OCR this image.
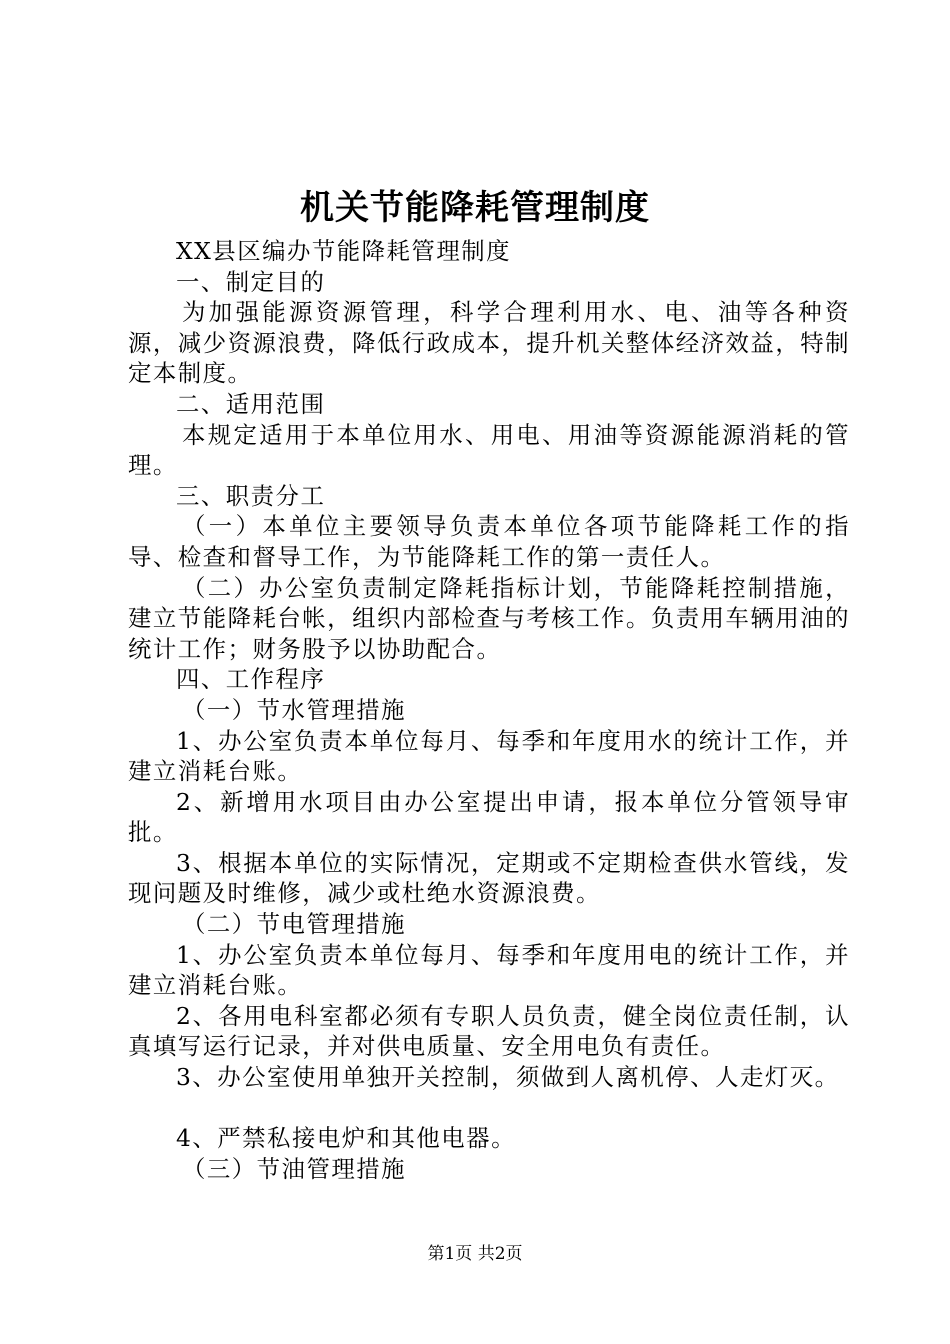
机关节能降耗管理制度

XX县区编办节能降耗管理制度

一、制定目的

为加强能源资源管理，科学合理利用水、电、油等各种资源，减少资源浪费，降低行政成本，提升机关整体经济效益，特制定本制度。

二、适用范围

本规定适用于本单位用水、用电、用油等资源能源消耗的管理。

三、职责分工

（一）本单位主要领导负责本单位各项节能降耗工作的指导、检查和督导工作，为节能降耗工作的第一责任人。

（二）办公室负责制定降耗指标计划，节能降耗控制措施，建立节能降耗台帐，组织内部检查与考核工作。负责用车辆用油的统计工作；财务股予以协助配合。

四、工作程序

（一）节水管理措施

1、办公室负责本单位每月、每季和年度用水的统计工作，并建立消耗台账。

2、新增用水项目由办公室提出申请，报本单位分管领导审批。

3、根据本单位的实际情况，定期或不定期检查供水管线，发现问题及时维修，减少或杜绝水资源浪费。

（二）节电管理措施

1、办公室负责本单位每月、每季和年度用电的统计工作，并建立消耗台账。

2、各用电科室都必须有专职人员负责，健全岗位责任制，认真填写运行记录，并对供电质量、安全用电负有责任。

3、办公室使用单独开关控制，须做到人离机停、人走灯灭。

4、严禁私接电炉和其他电器。

（三）节油管理措施

第1页 共2页
